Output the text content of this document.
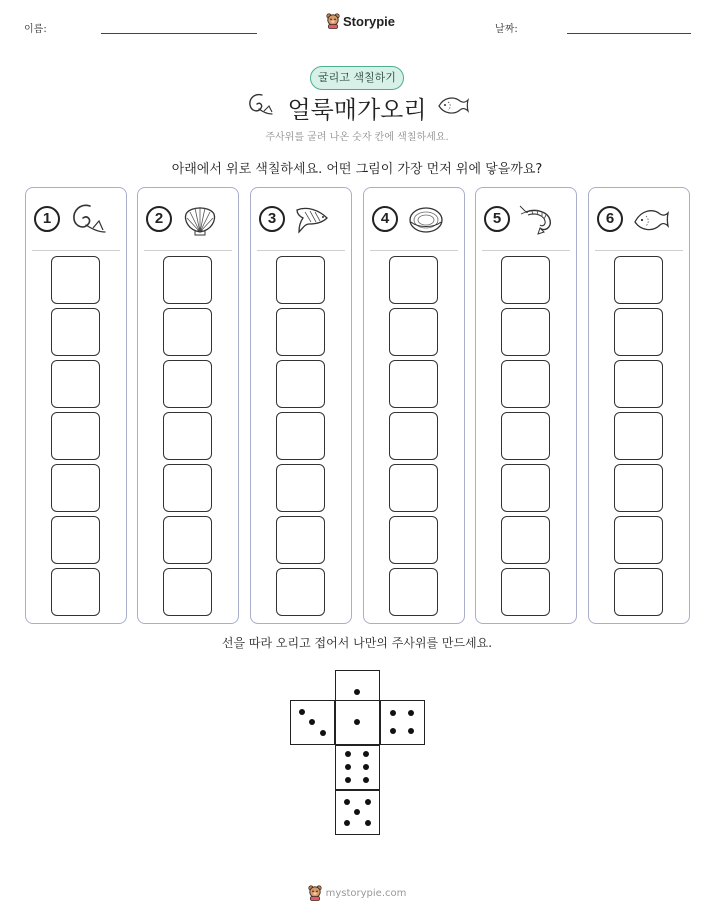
이름:
Storypie
날짜:
굴리고 색칠하기
얼룩매가오리
주사위를 굴려 나온 숫자 칸에 색칠하세요.
아래에서 위로 색칠하세요. 어떤 그림이 가장 먼저 위에 닿을까요?
1	2	3	4	5	6
선을 따라 오리고 접어서 나만의 주사위를 만드세요.
mystorypie.com
